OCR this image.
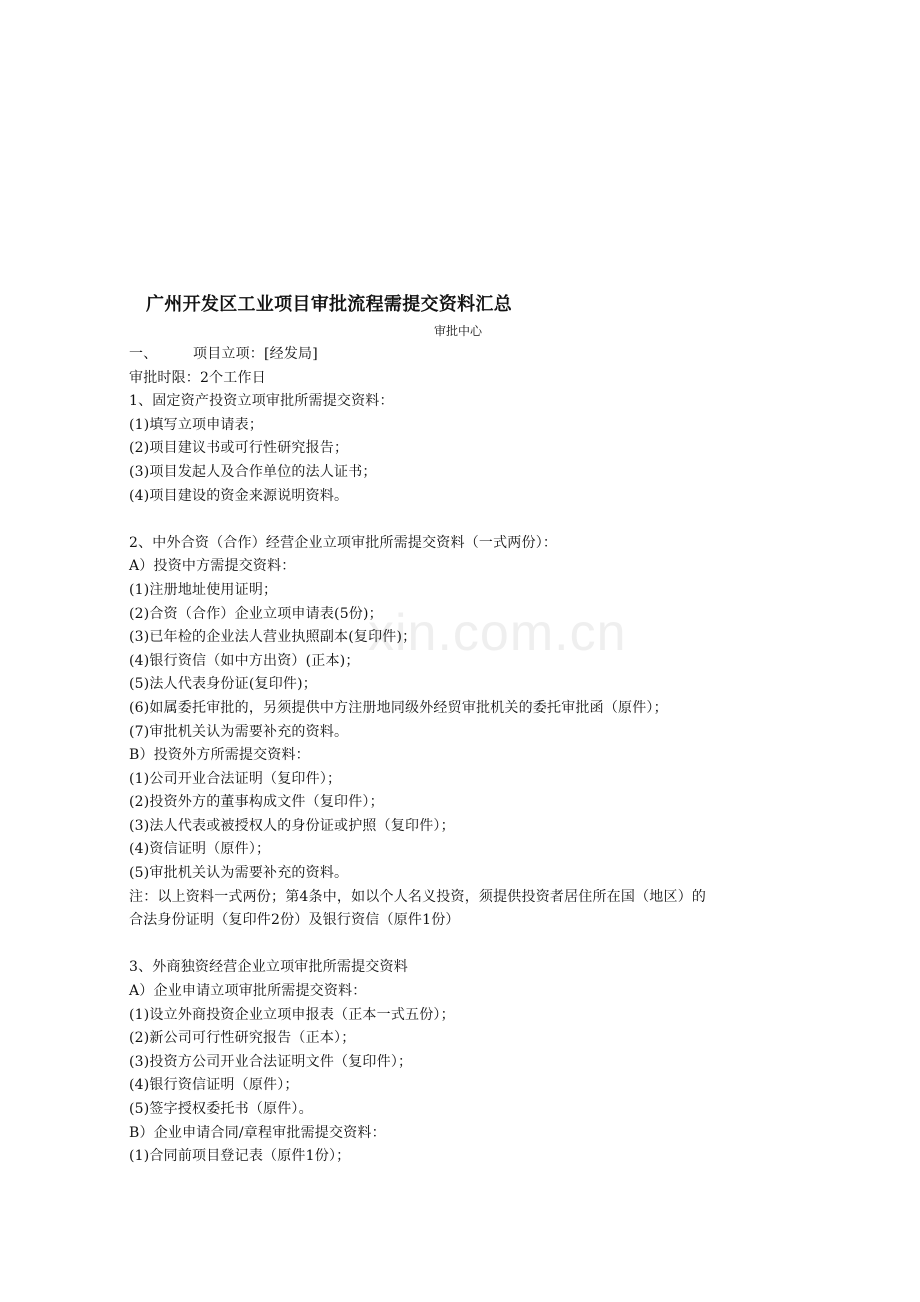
xin.com.cn
广州开发区工业项目审批流程需提交资料汇总
审批中心
一、　　　项目立项：[经发局]
审批时限：2个工作日
1、固定资产投资立项审批所需提交资料：
(1)填写立项申请表；
(2)项目建议书或可行性研究报告；
(3)项目发起人及合作单位的法人证书；
(4)项目建设的资金来源说明资料。
2、中外合资（合作）经营企业立项审批所需提交资料（一式两份）：
A）投资中方需提交资料：
(1)注册地址使用证明；
(2)合资（合作）企业立项申请表(5份)；
(3)已年检的企业法人营业执照副本(复印件)；
(4)银行资信（如中方出资）(正本)；
(5)法人代表身份证(复印件)；
(6)如属委托审批的，另须提供中方注册地同级外经贸审批机关的委托审批函（原件）；
(7)审批机关认为需要补充的资料。
B）投资外方所需提交资料：
(1)公司开业合法证明（复印件）；
(2)投资外方的董事构成文件（复印件）；
(3)法人代表或被授权人的身份证或护照（复印件）；
(4)资信证明（原件）；
(5)审批机关认为需要补充的资料。
注：以上资料一式两份；第4条中，如以个人名义投资，须提供投资者居住所在国（地区）的
合法身份证明（复印件2份）及银行资信（原件1份）
3、外商独资经营企业立项审批所需提交资料
A）企业申请立项审批所需提交资料：
(1)设立外商投资企业立项申报表（正本一式五份）；
(2)新公司可行性研究报告（正本）；
(3)投资方公司开业合法证明文件（复印件）；
(4)银行资信证明（原件）；
(5)签字授权委托书（原件）。
B）企业申请合同/章程审批需提交资料：
(1)合同前项目登记表（原件1份）；
